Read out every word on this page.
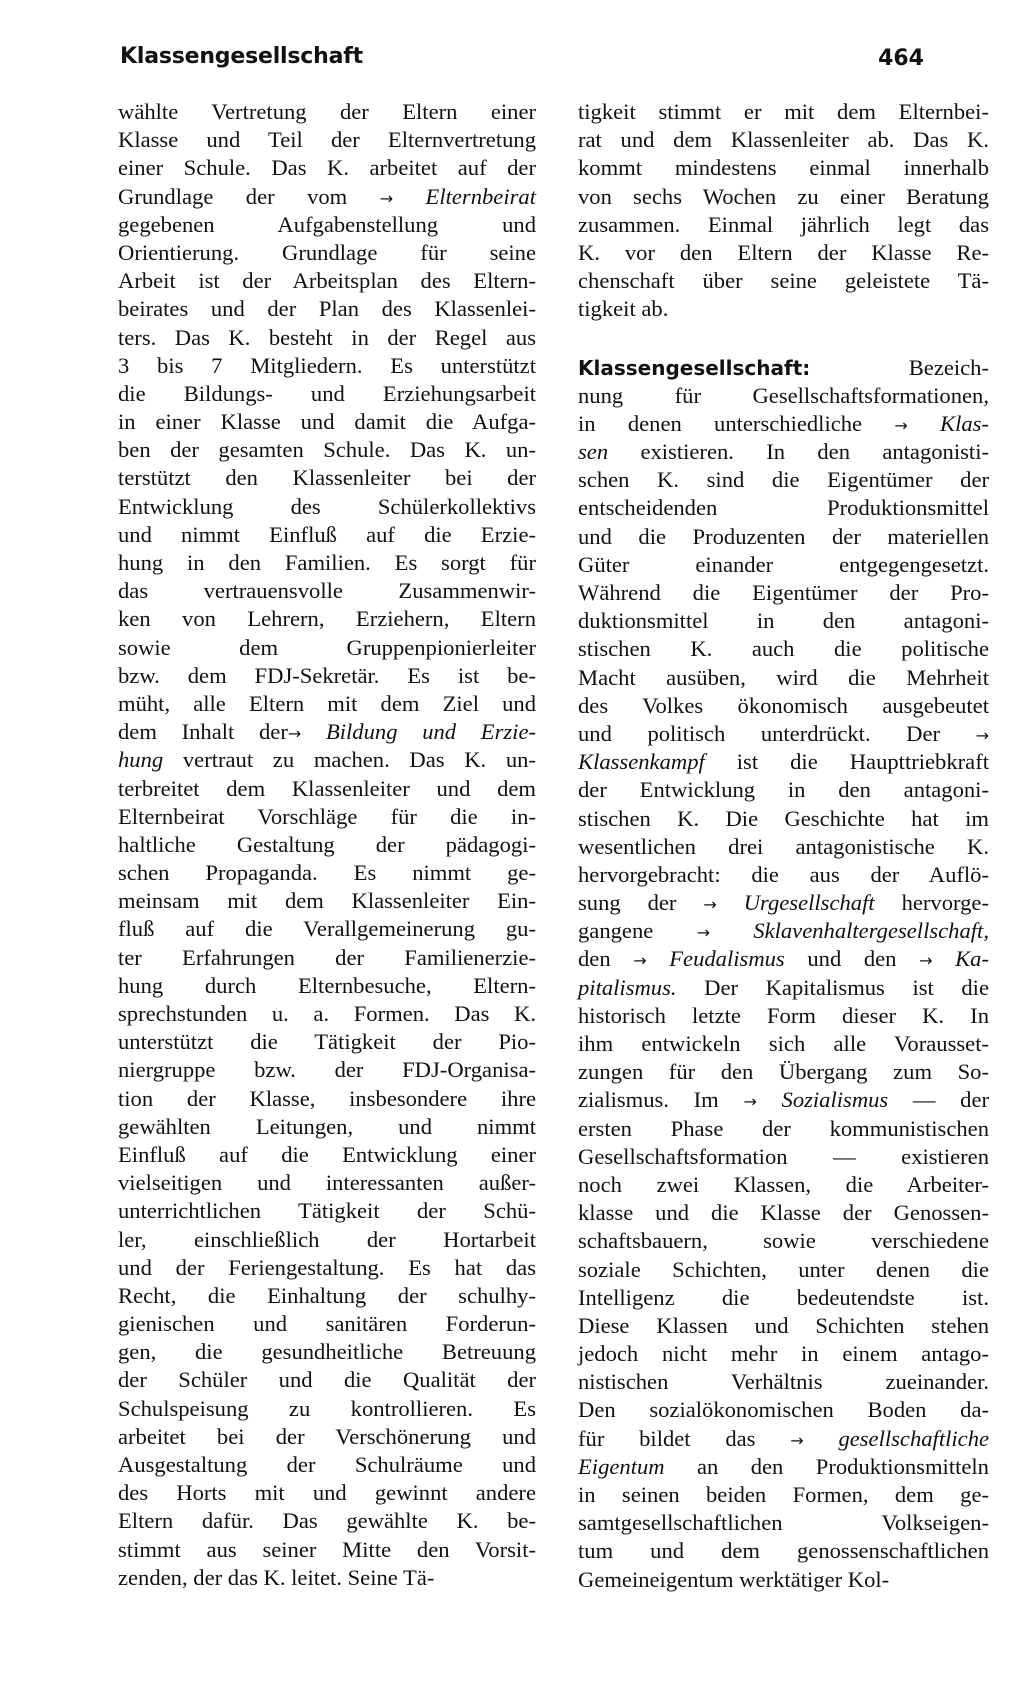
Klassengesellschaft	464
wählte Vertretung der Eltern einer
Klasse und Teil der Elternvertretung
einer Schule. Das K. arbeitet auf der
Grundlage der vom → Elternbeirat
gegebenen Aufgabenstellung und
Orientierung. Grundlage für seine
Arbeit ist der Arbeitsplan des Eltern-
beirates und der Plan des Klassenlei-
ters. Das K. besteht in der Regel aus
3 bis 7 Mitgliedern. Es unterstützt
die Bildungs- und Erziehungsarbeit
in einer Klasse und damit die Aufga-
ben der gesamten Schule. Das K. un-
terstützt den Klassenleiter bei der
Entwicklung des Schülerkollektivs
und nimmt Einfluß auf die Erzie-
hung in den Familien. Es sorgt für
das vertrauensvolle Zusammenwir-
ken von Lehrern, Erziehern, Eltern
sowie dem Gruppenpionierleiter
bzw. dem FDJ-Sekretär. Es ist be-
müht, alle Eltern mit dem Ziel und
dem Inhalt der→ Bildung und Erzie-
hung vertraut zu machen. Das K. un-
terbreitet dem Klassenleiter und dem
Elternbeirat Vorschläge für die in-
haltliche Gestaltung der pädagogi-
schen Propaganda. Es nimmt ge-
meinsam mit dem Klassenleiter Ein-
fluß auf die Verallgemeinerung gu-
ter Erfahrungen der Familienerzie-
hung durch Elternbesuche, Eltern-
sprechstunden u. a. Formen. Das K.
unterstützt die Tätigkeit der Pio-
niergruppe bzw. der FDJ-Organisa-
tion der Klasse, insbesondere ihre
gewählten Leitungen, und nimmt
Einfluß auf die Entwicklung einer
vielseitigen und interessanten außer-
unterrichtlichen Tätigkeit der Schü-
ler, einschließlich der Hortarbeit
und der Feriengestaltung. Es hat das
Recht, die Einhaltung der schulhy-
gienischen und sanitären Forderun-
gen, die gesundheitliche Betreuung
der Schüler und die Qualität der
Schulspeisung zu kontrollieren. Es
arbeitet bei der Verschönerung und
Ausgestaltung der Schulräume und
des Horts mit und gewinnt andere
Eltern dafür. Das gewählte K. be-
stimmt aus seiner Mitte den Vorsit-
zenden, der das K. leitet. Seine Tä-
tigkeit stimmt er mit dem Elternbei-
rat und dem Klassenleiter ab. Das K.
kommt mindestens einmal innerhalb
von sechs Wochen zu einer Beratung
zusammen. Einmal jährlich legt das
K. vor den Eltern der Klasse Re-
chenschaft über seine geleistete Tä-
tigkeit ab.
Klassengesellschaft:	Bezeich-
nung für Gesellschaftsformationen,
in denen unterschiedliche → Klas-
sen existieren. In den antagonisti-
schen K. sind die Eigentümer der
entscheidenden Produktionsmittel
und die Produzenten der materiellen
Güter einander entgegengesetzt.
Während die Eigentümer der Pro-
duktionsmittel in den antagoni-
stischen K. auch die politische
Macht ausüben, wird die Mehrheit
des Volkes ökonomisch ausgebeutet
und politisch unterdrückt. Der →
Klassenkampf ist die Haupttriebkraft
der Entwicklung in den antagoni-
stischen K. Die Geschichte hat im
wesentlichen drei antagonistische K.
hervorgebracht: die aus der Auflö-
sung der → Urgesellschaft hervorge-
gangene	→ Sklavenhaltergesellschaft,
den → Feudalismus und den → Ka-
pitalismus. Der Kapitalismus ist die
historisch letzte Form dieser K. In
ihm entwickeln sich alle Vorausset-
zungen für den Übergang zum So-
zialismus. Im → Sozialismus — der
ersten Phase der kommunistischen
Gesellschaftsformation — existieren
noch zwei Klassen, die Arbeiter-
klasse und die Klasse der Genossen-
schaftsbauern, sowie verschiedene
soziale Schichten, unter denen die
Intelligenz die bedeutendste ist.
Diese Klassen und Schichten stehen
jedoch nicht mehr in einem antago-
nistischen Verhältnis zueinander.
Den sozialökonomischen Boden da-
für bildet das → gesellschaftliche
Eigentum an den Produktionsmitteln
in seinen beiden Formen, dem ge-
samtgesellschaftlichen Volkseigen-
tum und dem genossenschaftlichen
Gemeineigentum werktätiger Kol-
